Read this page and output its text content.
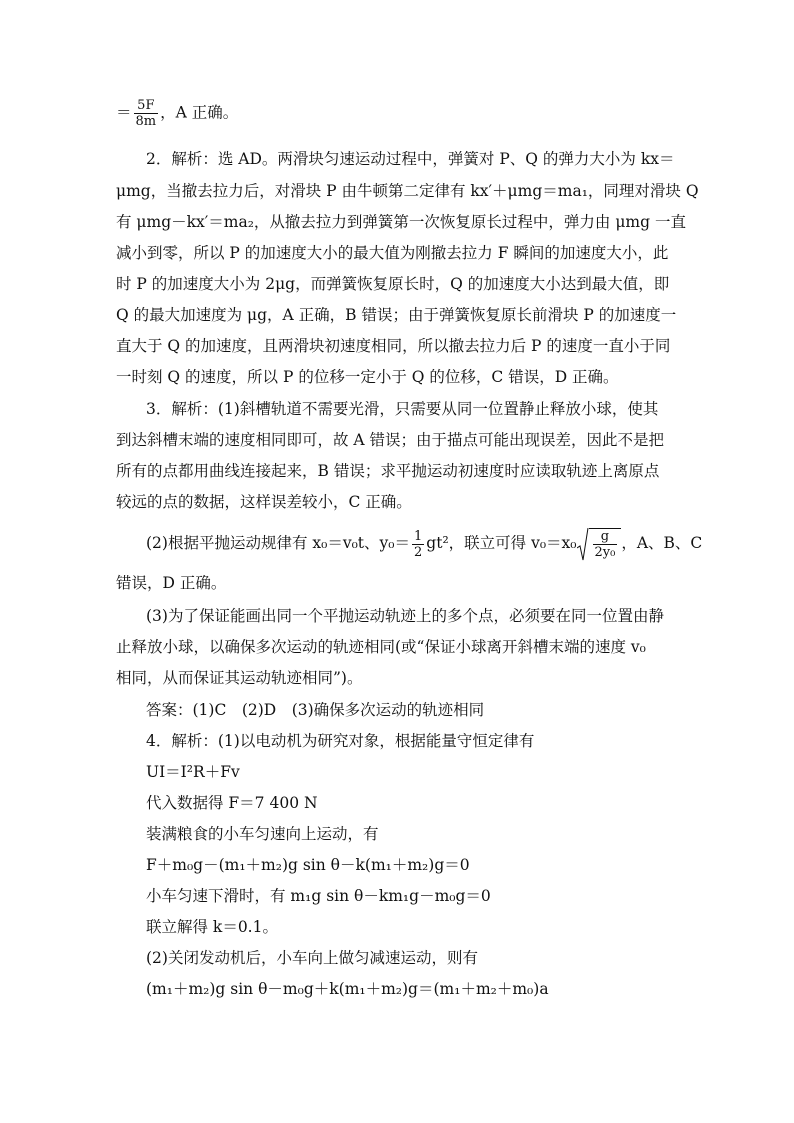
＝ $\frac{5F}{8m}$ ，A 正确。
2．解析：选 AD。两滑块匀速运动过程中，弹簧对 P、Q 的弹力大小为 kx＝
μmg，当撤去拉力后，对滑块 P 由牛顿第二定律有 kx′＋μmg＝ma₁，同理对滑块 Q
有 μmg－kx′＝ma₂，从撤去拉力到弹簧第一次恢复原长过程中，弹力由 μmg 一直
减小到零，所以 P 的加速度大小的最大值为刚撤去拉力 F 瞬间的加速度大小，此
时 P 的加速度大小为 2μg，而弹簧恢复原长时，Q 的加速度大小达到最大值，即
Q 的最大加速度为 μg，A 正确，B 错误；由于弹簧恢复原长前滑块 P 的加速度一
直大于 Q 的加速度，且两滑块初速度相同，所以撤去拉力后 P 的速度一直小于同
一时刻 Q 的速度，所以 P 的位移一定小于 Q 的位移，C 错误，D 正确。
3．解析：(1)斜槽轨道不需要光滑，只需要从同一位置静止释放小球，使其
到达斜槽末端的速度相同即可，故 A 错误；由于描点可能出现误差，因此不是把
所有的点都用曲线连接起来，B 错误；求平抛运动初速度时应读取轨迹上离原点
较远的点的数据，这样误差较小，C 正确。
(2)根据平抛运动规律有 x₀＝v₀t、$y_0= \frac{1}{2} gt^2$，联立可得 $v_0=x_0 \frac{g}{\text{2y₀}}$ ，A、B、C
错误，D 正确。
(3)为了保证能画出同一个平抛运动轨迹上的多个点，必须要在同一位置由静
止释放小球，以确保多次运动的轨迹相同(或“保证小球离开斜槽末端的速度 v₀
相同，从而保证其运动轨迹相同”)。
答案：(1)C　(2)D　(3)确保多次运动的轨迹相同
4．解析：(1)以电动机为研究对象，根据能量守恒定律有
UI＝I²R＋Fv
代入数据得 F＝7 400 N
装满粮食的小车匀速向上运动，有
F＋m₀g－(m₁＋m₂)g sin θ－k(m₁＋m₂)g＝0
小车匀速下滑时，有 m₁g sin θ－km₁g－m₀g＝0
联立解得 k＝0.1。
(2)关闭发动机后，小车向上做匀减速运动，则有
(m₁＋m₂)g sin θ－m₀g＋k(m₁＋m₂)g＝(m₁＋m₂＋m₀)a
